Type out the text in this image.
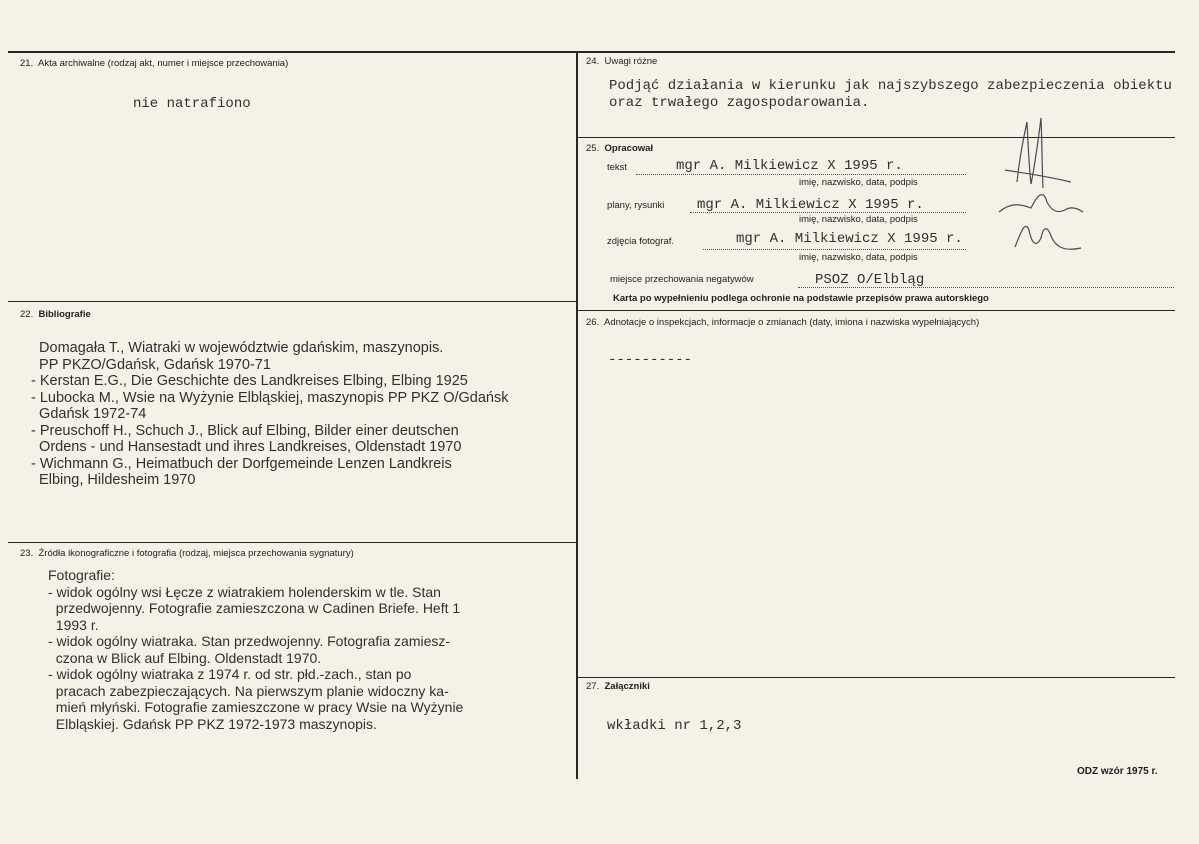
21. Akta archiwalne (rodzaj akt, numer i miejsce przechowania)
nie natrafiono
22. Bibliografie
Domagała T., Wiatraki w województwie gdańskim, maszynopis.
PP PKZO/Gdańsk, Gdańsk 1970-71
- Kerstan E.G., Die Geschichte des Landkreises Elbing, Elbing 1925
- Lubocka M., Wsie na Wyżynie Elbląskiej, maszynopis PP PKZ O/Gdańsk
Gdańsk 1972-74
- Preuschoff H., Schuch J., Blick auf Elbing, Bilder einer deutschen
Ordens - und Hansestadt und ihres Landkreises, Oldenstadt 1970
- Wichmann G., Heimatbuch der Dorfgemeinde Lenzen Landkreis
Elbing, Hildesheim 1970
23. Źródła ikonograficzne i fotografia (rodzaj, miejsca przechowania sygnatury)
Fotografie:
- widok ogólny wsi Łęcze z wiatrakiem holenderskim w tle. Stan
przedwojenny. Fotografie zamieszczona w Cadinen Briefe. Heft 1
1993 r.
- widok ogólny wiatraka. Stan przedwojenny. Fotografia zamiesz-
czona w Blick auf Elbing. Oldenstadt 1970.
- widok ogólny wiatraka z 1974 r. od str. płd.-zach., stan po
pracach zabezpieczających. Na pierwszym planie widoczny ka-
mień młyński. Fotografie zamieszczone w pracy Wsie na Wyżynie
Elbląskiej. Gdańsk PP PKZ 1972-1973 maszynopis.
24. Uwagi różne
Podjąć działania w kierunku jak najszybszego zabezpieczenia obiektu
oraz trwałego zagospodarowania.
25. Opracował
tekst	mgr A. Milkiewicz X 1995 r.
imię, nazwisko, data, podpis
plany, rysunki mgr A. Milkiewicz X 1995 r.
imię, nazwisko, data, podpis
zdjęcia fotograf.	mgr A. Milkiewicz X 1995 r.
imię, nazwisko, data, podpis
miejsce przechowania negatywów	PSOZ O/Elbląg
Karta po wypełnieniu podlega ochronie na podstawie przepisów prawa autorskiego
26. Adnotacje o inspekcjach, informacje o zmianach (daty, imiona i nazwiska wypełniających)
----------
27. Załączniki
wkładki nr 1,2,3
ODZ wzór 1975 r.
